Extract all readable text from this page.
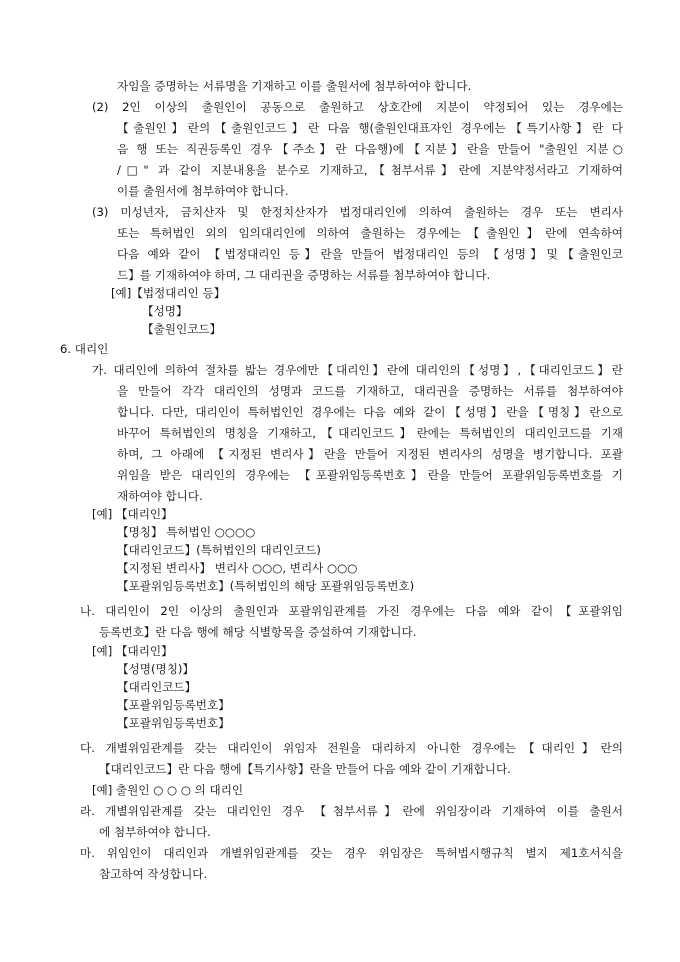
자임을 증명하는 서류명을 기재하고 이를 출원서에 첨부하여야 합니다.
(2) 2인 이상의 출원인이 공동으로 출원하고 상호간에 지분이 약정되어 있는 경우에는
【출원인】란의【출원인코드】란 다음 행(출원인대표자인 경우에는【특기사항】란 다
음 행 또는 직권등록인 경우【주소】란 다음행)에【지분】란을 만들어 "출원인 지분○
/□" 과 같이 지분내용을 분수로 기재하고,【첨부서류】란에 지분약정서라고 기재하여
이를 출원서에 첨부하여야 합니다.
(3) 미성년자, 금치산자 및 한정치산자가 법정대리인에 의하여 출원하는 경우 또는 변리사
또는 특허법인 외의 임의대리인에 의하여 출원하는 경우에는【출원인】란에 연속하여
다음 예와 같이 【법정대리인 등】란을 만들어 법정대리인 등의 【성명】및【출원인코
드】를 기재하여야 하며, 그 대리권을 증명하는 서류를 첨부하여야 합니다.
[예]【법정대리인 등】
【성명】
【출원인코드】
6. 대리인
가. 대리인에 의하여 절차를 밟는 경우에만【대리인】란에 대리인의【성명】,【대리인코드】란
을 만들어 각각 대리인의 성명과 코드를 기재하고, 대리권을 증명하는 서류를 첨부하여야
합니다. 다만, 대리인이 특허법인인 경우에는 다음 예와 같이【성명】란을【명칭】란으로
바꾸어 특허법인의 명칭을 기재하고,【대리인코드】란에는 특허법인의 대리인코드를 기재
하며, 그 아래에 【지정된 변리사】란을 만들어 지정된 변리사의 성명을 병기합니다. 포괄
위임을 받은 대리인의 경우에는 【포괄위임등록번호】란을 만들어 포괄위임등록번호를 기
재하여야 합니다.
[예] 【대리인】
【명칭】 특허법인 ○○○○
【대리인코드】(특허법인의 대리인코드)
【지정된 변리사】 변리사 ○○○, 변리사 ○○○
【포괄위임등록번호】(특허법인의 해당 포괄위임등록번호)
나. 대리인이 2인 이상의 출원인과 포괄위임관계를 가진 경우에는 다음 예와 같이【포괄위임
등록번호】란 다음 행에 해당 식별항목을 증설하여 기재합니다.
[예] 【대리인】
【성명(명칭)】
【대리인코드】
【포괄위임등록번호】
【포괄위임등록번호】
다. 개별위임관계를 갖는 대리인이 위임자 전원을 대리하지 아니한 경우에는【대리인】란의
【대리인코드】란 다음 행에【특기사항】란을 만들어 다음 예와 같이 기재합니다.
[예] 출원인 ○ ○ ○ 의 대리인
라. 개별위임관계를 갖는 대리인인 경우 【첨부서류】란에 위임장이라 기재하여 이를 출원서
에 첨부하여야 합니다.
마. 위임인이 대리인과 개별위임관계를 갖는 경우 위임장은 특허법시행규칙 별지 제1호서식을
참고하여 작성합니다.
